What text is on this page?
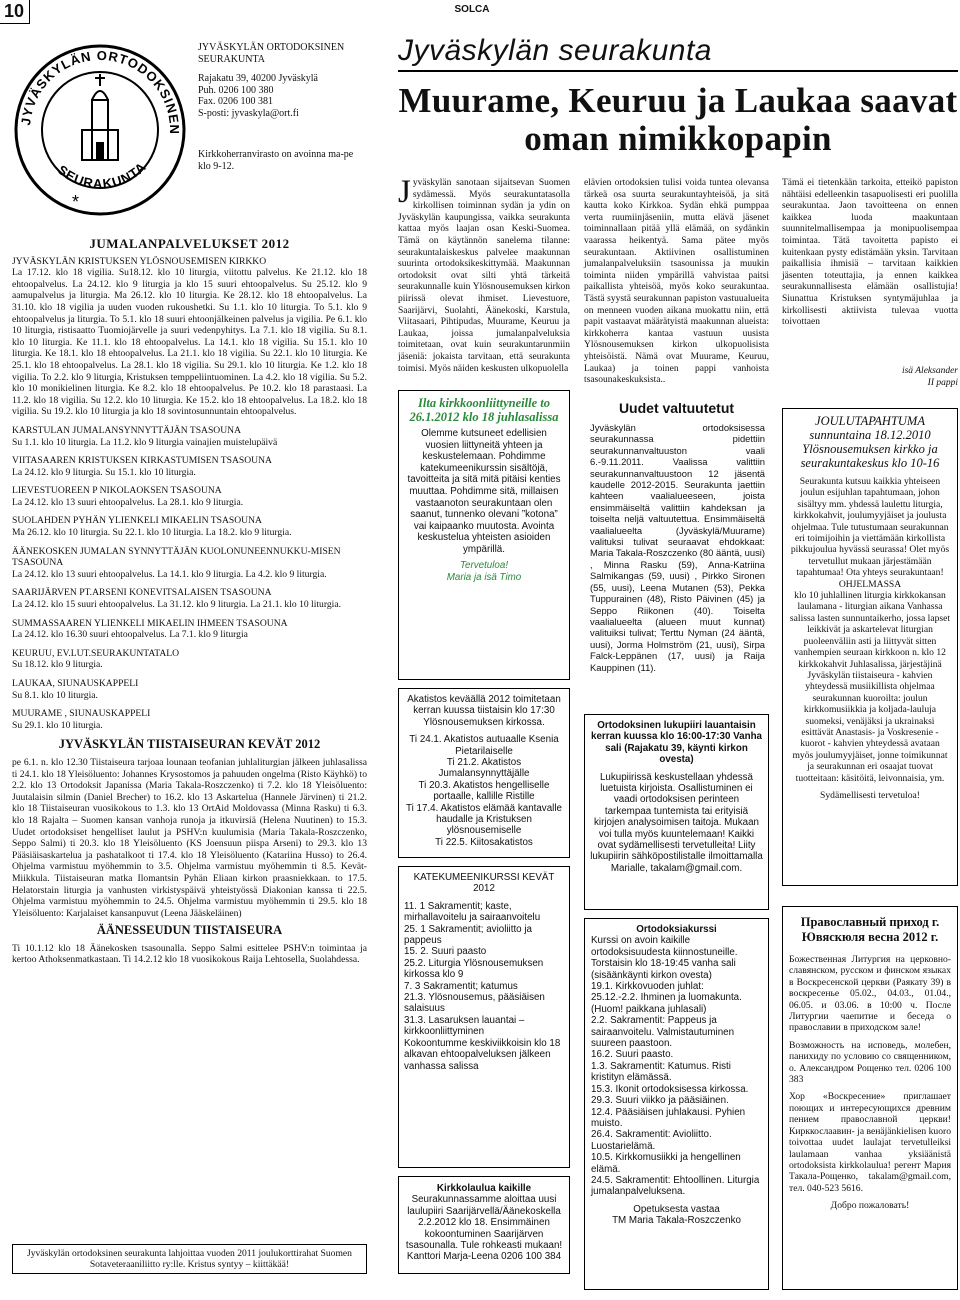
10
JYVÄSKYLÄN ORTODOKSINEN
SEURAKUNTA
*
JYVÄSKYLÄN ORTODOKSINEN SEURAKUNTA
Rajakatu 39, 40200 Jyväskylä
Puh. 0206 100 380
Fax. 0206 100 381
S-posti: jyvaskyla@ort.fi
Kirkkoherranvirasto on avoinna ma-pe klo 9-12.
JUMALANPALVELUKSET 2012
JYVÄSKYLÄN KRISTUKSEN YLÖSNOUSEMISEN KIRKKO
La 17.12. klo 18 vigilia. Su18.12. klo 10 liturgia, viitottu palvelus. Ke 21.12. klo 18 ehtoopalvelus. La 24.12. klo 9 liturgia ja klo 15 suuri ehtoopalvelus. Su 25.12. klo 9 aamupalvelus ja liturgia. Ma 26.12. klo 10 liturgia. Ke 28.12. klo 18 ehtoopalvelus. La 31.10. klo 18 vigilia ja uuden vuoden rukoushetki. Su 1.1. klo 10 liturgia. To 5.1. klo 9 ehtoopalvelus ja liturgia. To 5.1. klo 18 suuri ehtoonjälkeinen palvelus ja vigilia. Pe 6.1. klo 10 liturgia, ristisaatto Tuomiojärvelle ja suuri vedenpyhitys. La 7.1. klo 18 vigilia. Su 8.1. klo 10 liturgia. Ke 11.1. klo 18 ehtoopalvelus. La 14.1. klo 18 vigilia. Su 15.1. klo 10 liturgia. Ke 18.1. klo 18 ehtoopalvelus. La 21.1. klo 18 vigilia. Su 22.1. klo 10 liturgia. Ke 25.1. klo 18 ehtoopalvelus. La 28.1. klo 18 vigilia. Su 29.1. klo 10 liturgia. Ke 1.2. klo 18 vigilia. To 2.2. klo 9 liturgia, Kristuksen temppeliintuominen. La 4.2. klo 18 vigilia. Su 5.2. klo 10 monikielinen liturgia. Ke 8.2. klo 18 ehtoopalvelus. Pe 10.2. klo 18 parastaasi. La 11.2. klo 18 vigilia. Su 12.2. klo 10 liturgia. Ke 15.2. klo 18 ehtoopalvelus. La 18.2. klo 18 vigilia. Su 19.2. klo 10 liturgia ja klo 18 sovintosunnuntain ehtoopalvelus.
KARSTULAN JUMALANSYNNYTTÄJÄN TSASOUNA
Su 1.1. klo 10 liturgia. La 11.2. klo 9 liturgia vainajien muistelupäivä
VIITASAAREN KRISTUKSEN KIRKASTUMISEN TSASOUNA
La 24.12. klo 9 liturgia. Su 15.1. klo 10 liturgia.
LIEVESTUOREEN P NIKOLAOKSEN TSASOUNA
La 24.12. klo 13 suuri ehtoopalvelus. La 28.1. klo 9 liturgia.
SUOLAHDEN PYHÄN YLIENKELI MIKAELIN TSASOUNA
Ma 26.12. klo 10 liturgia. Su 22.1. klo 10 liturgia. La 18.2. klo 9 liturgia.
ÄÄNEKOSKEN JUMALAN SYNNYTTÄJÄN KUOLONUNEENNUKKU-MISEN TSASOUNA
La 24.12. klo 13 suuri ehtoopalvelus. La 14.1. klo 9 liturgia. La 4.2. klo 9 liturgia.
SAARIJÄRVEN PT.ARSENI KONEVITSALAISEN TSASOUNA
La 24.12. klo 15 suuri ehtoopalvelus. La 31.12. klo 9 liturgia. La 21.1. klo 10 liturgia.
SUMMASSAAREN YLIENKELI MIKAELIN IHMEEN TSASOUNA
La 24.12. klo 16.30 suuri ehtoopalvelus. La 7.1. klo 9 liturgia
KEURUU, EV.LUT.SEURAKUNTATALO
Su 18.12. klo 9 liturgia.
LAUKAA, SIUNAUSKAPPELI
Su 8.1. klo 10 liturgia.
MUURAME , SIUNAUSKAPPELI
Su 29.1. klo 10 liturgia.
JYVÄSKYLÄN TIISTAISEURAN KEVÄT 2012
pe 6.1. n. klo 12.30 Tiistaiseura tarjoaa lounaan teofanian juhlaliturgian jälkeen juhlasalissa ti 24.1. klo 18 Yleisöluento: Johannes Krysostomos ja pahuuden ongelma (Risto Käyhkö) to 2.2. klo 13 Ortodoksit Japanissa (Maria Takala-Roszczenko) ti 7.2. klo 18 Yleisöluento: Juutalaisin silmin (Daniel Brecher) to 16.2. klo 13 Askartelua (Hannele Järvinen) ti 21.2. klo 18 Tiistaiseuran vuosikokous to 1.3. klo 13 OrtAid Moldovassa (Minna Rasku) ti 6.3. klo 18 Rajalta – Suomen kansan vanhoja runoja ja itkuvirsiä (Helena Nuutinen) to 15.3. Uudet ortodoksiset hengelliset laulut ja PSHV:n kuulumisia (Maria Takala-Roszczenko, Seppo Salmi) ti 20.3. klo 18 Yleisöluento (KS Joensuun piispa Arseni) to 29.3. klo 13 Pääsiäisaskartelua ja pashatalkoot ti 17.4. klo 18 Yleisöluento (Katariina Husso) to 26.4. Ohjelma varmistuu myöhemmin to 3.5. Ohjelma varmistuu myöhemmin ti 8.5. Kevät-Miikkula. Tiistaiseuran matka Ilomantsin Pyhän Eliaan kirkon praasniekkaan. to 17.5. Helatorstain liturgia ja vanhusten virkistyspäivä yhteistyössä Diakonian kanssa ti 22.5. Ohjelma varmistuu myöhemmin to 24.5. Ohjelma varmistuu myöhemmin ti 29.5. klo 18 Yleisöluento: Karjalaiset kansanpuvut (Leena Jääskeläinen)
ÄÄNESSEUDUN TIISTAISEURA
Ti 10.1.12 klo 18 Äänekosken tsasounalla. Seppo Salmi esittelee PSHV:n toimintaa ja kertoo Athoksenmatkastaan. Ti 14.2.12 klo 18 vuosikokous Raija Lehtosella, Suolahdessa.
Jyväskylän ortodoksinen seurakunta lahjoittaa vuoden 2011 joulukorttirahat Suomen Sotaveteraaniliitto ry:lle. Kristus syntyy – kiittäkää!
SOLCA
Jyväskylän seurakunta
Muurame, Keuruu ja Laukaa saavat oman nimikkopapin
Jyväskylän sanotaan sijaitsevan Suomen sydämessä. Myös seurakuntatasolla kirkollisen toiminnan sydän ja ydin on Jyväskylän kaupungissa, vaikka seurakunta kattaa myös laajan osan Keski-Suomea. Tämä on käytännön sanelema tilanne: seurakuntalaiskeskus palvelee maakunnan suurinta ortodoksikeskittymää. Maakunnan ortodoksit ovat silti yhtä tärkeitä seurakunnalle kuin Ylösnousemuksen kirkon piirissä olevat ihmiset. Lievestuore, Saarijärvi, Suolahti, Äänekoski, Karstula, Viitasaari, Pihtipudas, Muurame, Keuruu ja Laukaa, joissa jumalanpalveluksia toimitetaan, ovat kuin seurakuntarunmiin jäseniä: jokaista tarvitaan, että seurakunta toimisi. Myös näiden keskusten ulkopuolella
elävien ortodoksien tulisi voida tuntea olevansa tärkeä osa suurta seurakuntayhteisöä, ja sitä kautta koko Kirkkoa. Sydän ehkä pumppaa verta ruumiinjäseniin, mutta elävä jäsenet toiminnallaan pitää yllä elämää, on sydänkin vaarassa heikentyä. Sama pätee myös seurakuntaan. Aktiivinen osallistuminen jumalanpalveluksiin tsasounissa ja muukin toiminta niiden ympärillä vahvistaa paitsi paikallista yhteisöä, myös koko seurakuntaa. Tästä syystä seurakunnan papiston vastuualueita on menneen vuoden aikana muokattu niin, että papit vastaavat määrätyistä maakunnan alueista: kirkkoherra kantaa vastuun uusista Ylösnousemuksen kirkon ulkopuolisista yhteisöistä. Nämä ovat Muurame, Keuruu, Laukaa) ja toinen pappi vanhoista tsasounakeskuksista..
Tämä ei tietenkään tarkoita, etteikö papiston nähtäisi edelleenkin tasapuolisesti eri puolilla seurakuntaa. Jaon tavoitteena on ennen kaikkea luoda maakuntaan suunnitelmallisempaa ja monipuolisempaa toimintaa. Tätä tavoitetta papisto ei kuitenkaan pysty edistämään yksin. Tarvitaan paikallisia ihmisiä – tarvitaan kaikkien jäsenten toteuttajia, ja ennen kaikkea seurakunnallisesta elämään osallistujia! Siunattua Kristuksen syntymäjuhlaa ja kirkollisesti aktiivista tulevaa vuotta toivottaen
isä Aleksander
II pappi
Ilta kirkkoonliittyneille to 26.1.2012 klo 18 juhlasalissa
Olemme kutsuneet edellisien vuosien liittyneitä yhteen ja keskustelemaan. Pohdimme katekumeenikurssin sisältöjä, tavoitteita ja sitä mitä pitäisi kenties muuttaa. Pohdimme sitä, millaisen vastaanoton seurakuntaan olen saanut, tunnenko olevani ”kotona” vai kaipaanko muutosta. Avointa keskustelua yhteisten asioiden ympärillä.
Tervetuloa!
Maria ja isä Timo
Akatistos keväällä 2012 toimitetaan kerran kuussa tiistaisin klo 17:30 Ylösnousemuksen kirkossa.
Ti 24.1. Akatistos autuaalle Ksenia Pietarilaiselle
Ti 21.2. Akatistos Jumalansynnyttäjälle
Ti 20.3. Akatistos hengelliselle portaalle, kallille Ristille
Ti 17.4. Akatistos elämää kantavalle haudalle ja Kristuksen ylösnousemiselle
Ti 22.5. Kiitosakatistos
KATEKUMEENIKURSSI KEVÄT 2012
11. 1 Sakramentit; kaste, mirhallavoitelu ja sairaanvoitelu
25. 1 Sakramentit; avioliitto ja pappeus
15. 2. Suuri paasto
25.2. Liturgia Ylösnousemuksen kirkossa klo 9
7. 3 Sakramentit; katumus
21.3. Ylösnousemus, pääsiäisen salaisuus
31.3. Lasaruksen lauantai – kirkkoonliittyminen
Kokoontumme keskiviikkoisin klo 18 alkavan ehtoopalveluksen jälkeen vanhassa salissa
Kirkkolaulua kaikille
Seurakunnassamme aloittaa uusi laulupiiri Saarijärvellä/Äänekoskella 2.2.2012 klo 18. Ensimmäinen kokoontuminen Saarijärven tsasounalla. Tule rohkeasti mukaan! Kanttori Marja-Leena 0206 100 384
Uudet valtuutetut
Jyväskylän ortodoksisessa seurakunnassa pidettiin seurakunnanvaltuuston vaali 6.-9.11.2011. Vaalissa valittiin seurakunnanvaltuustoon 12 jäsentä kaudelle 2012-2015. Seurakunta jaettiin kahteen vaalialueeseen, joista ensimmäiseltä valittiin kahdeksan ja toiselta neljä valtuutettua. Ensimmäiseltä vaalialueelta (Jyväskylä/Muurame) valituksi tulivat seuraavat ehdokkaat: Maria Takala-Roszczenko (80 ääntä, uusi) , Minna Rasku (59), Anna-Katriina Salmikangas (59, uusi) , Pirkko Sironen (55, uusi), Leena Mutanen (53), Pekka Tuppurainen (48), Risto Päivinen (45) ja Seppo Riikonen (40). Toiselta vaalialueelta (alueen muut kunnat) valituiksi tulivat; Terttu Nyman (24 ääntä, uusi), Jorma Holmström (21, uusi), Sirpa Falck-Leppänen (17, uusi) ja Raija Kauppinen (11).
Ortodoksinen lukupiiri lauantaisin kerran kuussa klo 16:00-17:30 Vanha sali (Rajakatu 39, käynti kirkon ovesta)
Lukupiirissä keskustellaan yhdessä luetuista kirjoista. Osallistuminen ei vaadi ortodoksisen perinteen tarkempaa tuntemista tai erityisiä kirjojen analysoimisen taitoja. Mukaan voi tulla myös kuuntelemaan! Kaikki ovat sydämellisesti tervetulleita! Liity lukupiirin sähköpostilistalle ilmoittamalla Marialle, takalam@gmail.com.
Ortodoksiakurssi
Kurssi on avoin kaikille ortodoksisuudesta kiinnostuneille. Torstaisin klo 18-19:45 vanha sali (sisäänkäynti kirkon ovesta)
19.1. Kirkkovuoden juhlat:
25.12.-2.2. Ihminen ja luomakunta. (Huom! paikkana juhlasali)
2.2. Sakramentit: Pappeus ja sairaanvoitelu. Valmistautuminen suureen paastoon.
16.2. Suuri paasto.
1.3. Sakramentit: Katumus. Risti kristityn elämässä.
15.3. Ikonit ortodoksisessa kirkossa.
29.3. Suuri viikko ja pääsiäinen.
12.4. Pääsiäisen juhlakausi. Pyhien muisto.
26.4. Sakramentit: Avioliitto. Luostarielämä.
10.5. Kirkkomusiikki ja hengellinen elämä.
24.5. Sakramentit: Ehtoollinen. Liturgia jumalanpalveluksena.
Opetuksesta vastaa
TM Maria Takala-Roszczenko
JOULUTAPAHTUMA sunnuntaina 18.12.2010 Ylösnousemuksen kirkko ja seurakuntakeskus klo 10-16
Seurakunta kutsuu kaikkia yhteiseen joulun esijuhlan tapahtumaan, johon sisältyy mm. yhdessä laulettu liturgia, kirkkokahvit, joulumyyjäiset ja joulusta ohjelmaa. Tule tutustumaan seurakunnan eri toimijoihin ja viettämään kirkollista pikkujoulua hyvässä seurassa! Olet myös tervetullut mukaan järjestämään tapahtumaa! Ota yhteys seurakuntaan!
OHJELMASSA
klo 10 juhlallinen liturgia kirkkokansan laulamana - liturgian aikana Vanhassa salissa lasten sunnuntaikerho, jossa lapset leikkivät ja askartelevat liturgian puoleenväliin asti ja liittyvät sitten vanhempien seuraan kirkkoon n. klo 12 kirkkokahvit Juhlasalissa, järjestäjinä Jyväskylän tiistaiseura - kahvien yhteydessä musiikillista ohjelmaa seurakunnan kuoroilta: joulun kirkkomusiikkia ja koljada-lauluja suomeksi, venäjäksi ja ukrainaksi esittävät Anastasis- ja Voskresenie -kuorot - kahvien yhteydessä avataan myös joulumyyjäiset, jonne toimikunnat ja seurakunnan eri osaajat tuovat tuotteitaan: käsitöitä, leivonnaisia, ym.
Sydämellisesti tervetuloa!
Православный приход г. Ювяскюля весна 2012 г.
Божественная Литургия на церковно-славянском, русском и финском языках в Воскресенской церкви (Раякату 39) в воскресенье 05.02., 04.03., 01.04., 06.05. и 03.06. в 10:00 ч. После Литургии чаепитие и беседа о православии в приходском зале!
Возможность на исповедь, молебен, панихиду по условию со священником, о. Александром Рощенко тел. 0206 100 383
Хор «Воскресение» приглашает поющих и интересующихся древним пением православной церкви! Кирккослаавин- ja венäjänkielisen kuoro toivottaa uudet laulajat tervetulleiksi laulamaan vanhaa yksiäänistä ortodoksista kirkkolaulua! регент Мария Такала-Рощенко, takalam@gmail.com, тел. 040-523 5616.
Добро пожаловать!
